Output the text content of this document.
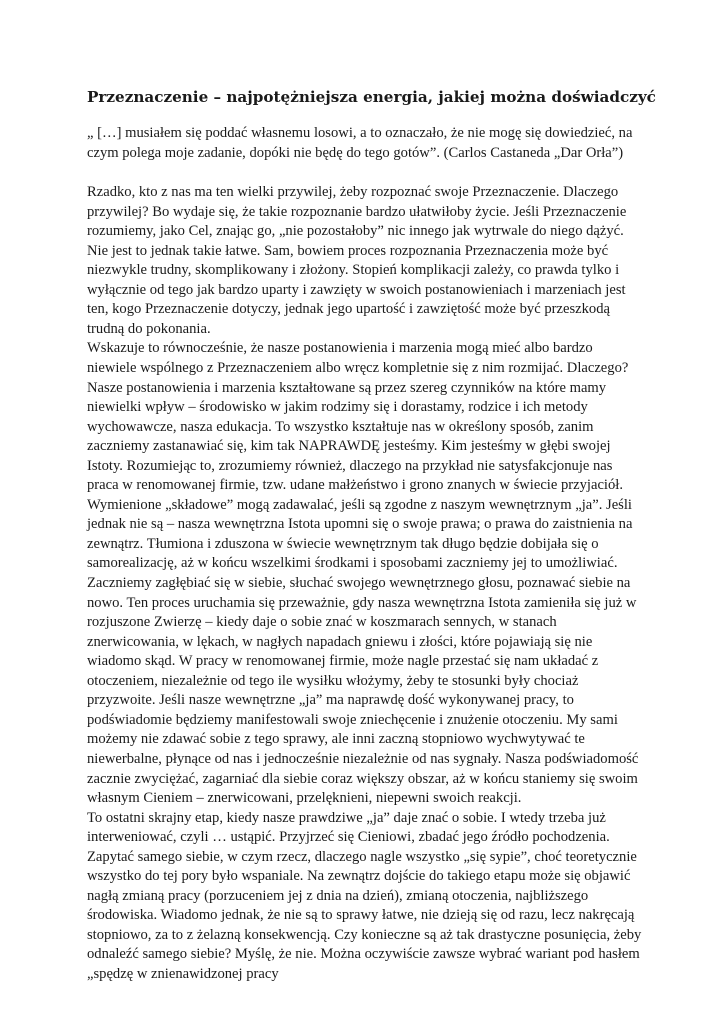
Przeznaczenie – najpotężniejsza energia, jakiej można doświadczyć

„ […] musiałem się poddać własnemu losowi, a to oznaczało, że nie mogę się dowiedzieć, na czym polega moje zadanie, dopóki nie będę do tego gotów”. (Carlos Castaneda „Dar Orła”)

Rzadko, kto z nas ma ten wielki przywilej, żeby rozpoznać swoje Przeznaczenie. Dlaczego przywilej? Bo wydaje się, że takie rozpoznanie bardzo ułatwiłoby życie. Jeśli Przeznaczenie rozumiemy, jako Cel, znając go, „nie pozostałoby” nic innego jak wytrwale do niego dążyć. Nie jest to jednak takie łatwe. Sam, bowiem proces rozpoznania Przeznaczenia może być niezwykle trudny, skomplikowany i złożony. Stopień komplikacji zależy, co prawda tylko i wyłącznie od tego jak bardzo uparty i zawzięty w swoich postanowieniach i marzeniach jest ten, kogo Przeznaczenie dotyczy, jednak jego upartość i zawziętość może być przeszkodą trudną do pokonania.

Wskazuje to równocześnie, że nasze postanowienia i marzenia mogą mieć albo bardzo niewiele wspólnego z Przeznaczeniem albo wręcz kompletnie się z nim rozmijać. Dlaczego?

Nasze postanowienia i marzenia kształtowane są przez szereg czynników na które mamy niewielki wpływ – środowisko w jakim rodzimy się i dorastamy, rodzice i ich metody wychowawcze, nasza edukacja. To wszystko kształtuje nas w określony sposób, zanim zaczniemy zastanawiać się, kim tak NAPRAWDĘ jesteśmy. Kim jesteśmy w głębi swojej Istoty. Rozumiejąc to, zrozumiemy również, dlaczego na przykład nie satysfakcjonuje nas praca w renomowanej firmie, tzw. udane małżeństwo i grono znanych w świecie przyjaciół. Wymienione „składowe” mogą zadawalać, jeśli są zgodne z naszym wewnętrznym „ja”. Jeśli jednak nie są – nasza wewnętrzna Istota upomni się o swoje prawa; o prawa do zaistnienia na zewnątrz. Tłumiona i zduszona w świecie wewnętrznym tak długo będzie dobijała się o samorealizację, aż w końcu wszelkimi środkami i sposobami zaczniemy jej to umożliwiać. Zaczniemy zagłębiać się w siebie, słuchać swojego wewnętrznego głosu, poznawać siebie na nowo. Ten proces uruchamia się przeważnie, gdy nasza wewnętrzna Istota zamieniła się już w rozjuszone Zwierzę – kiedy daje o sobie znać w koszmarach sennych, w stanach znerwicowania, w lękach, w nagłych napadach gniewu i złości, które pojawiają się nie wiadomo skąd. W pracy w renomowanej firmie, może nagle przestać się nam układać z otoczeniem, niezależnie od tego ile wysiłku włożymy, żeby te stosunki były chociaż przyzwoite. Jeśli nasze wewnętrzne „ja” ma naprawdę dość wykonywanej pracy, to podświadomie będziemy manifestowali swoje zniechęcenie i znużenie otoczeniu. My sami możemy nie zdawać sobie z tego sprawy, ale inni zaczną stopniowo wychwytywać te niewerbalne, płynące od nas i jednocześnie niezależnie od nas sygnały. Nasza podświadomość zacznie zwyciężać, zagarniać dla siebie coraz większy obszar, aż w końcu staniemy się swoim własnym Cieniem – znerwicowani, przelęknieni, niepewni swoich reakcji.

To ostatni skrajny etap, kiedy nasze prawdziwe „ja” daje znać o sobie. I wtedy trzeba już interweniować, czyli … ustąpić. Przyjrzeć się Cieniowi, zbadać jego źródło pochodzenia. Zapytać samego siebie, w czym rzecz, dlaczego nagle wszystko „się sypie”, choć teoretycznie wszystko do tej pory było wspaniale. Na zewnątrz dojście do takiego etapu może się objawić nagłą zmianą pracy (porzuceniem jej z dnia na dzień), zmianą otoczenia, najbliższego środowiska. Wiadomo jednak, że nie są to sprawy łatwe, nie dzieją się od razu, lecz nakręcają stopniowo, za to z żelazną konsekwencją. Czy konieczne są aż tak drastyczne posunięcia, żeby odnaleźć samego siebie? Myślę, że nie. Można oczywiście zawsze wybrać wariant pod hasłem „spędzę w znienawidzonej pracy
